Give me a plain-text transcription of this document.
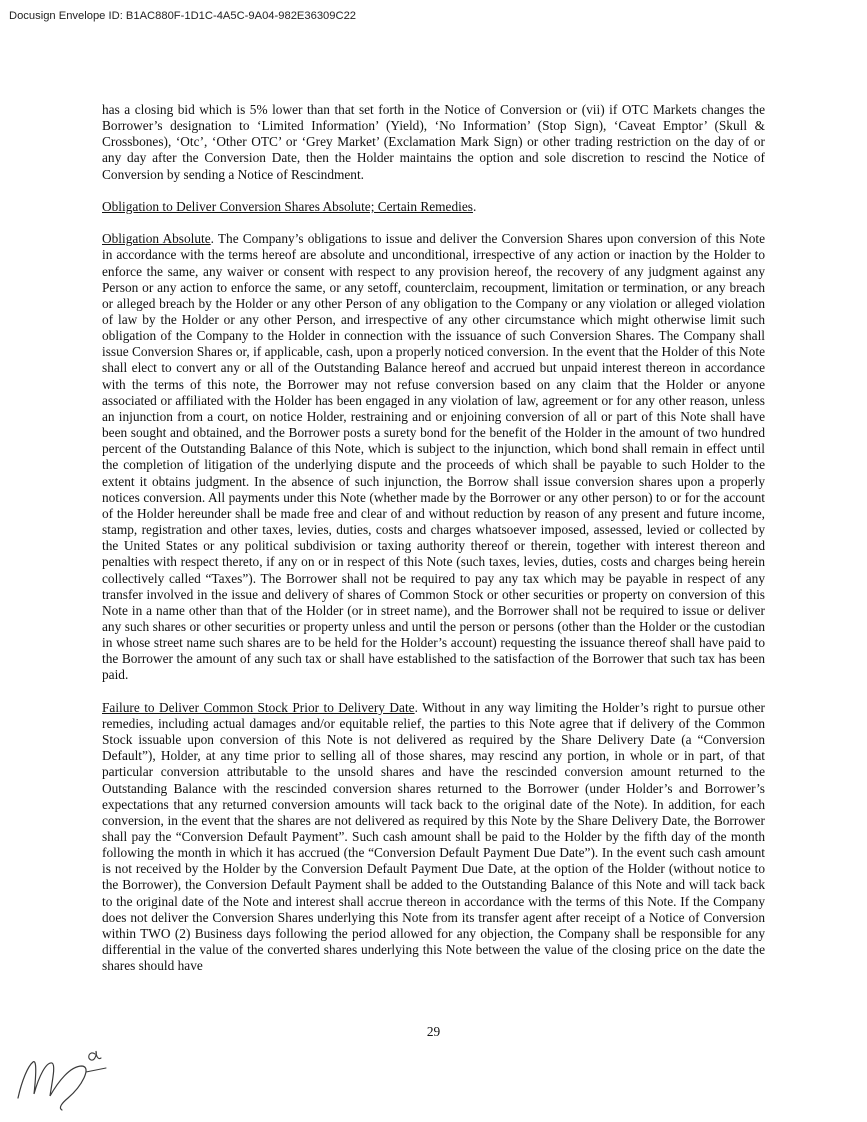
Docusign Envelope ID: B1AC880F-1D1C-4A5C-9A04-982E36309C22

has a closing bid which is 5% lower than that set forth in the Notice of Conversion or (vii) if OTC Markets changes the Borrower’s designation to ‘Limited Information’ (Yield), ‘No Information’ (Stop Sign), ‘Caveat Emptor’ (Skull & Crossbones), ‘Otc’, ‘Other OTC’ or ‘Grey Market’ (Exclamation Mark Sign) or other trading restriction on the day of or any day after the Conversion Date, then the Holder maintains the option and sole discretion to rescind the Notice of Conversion by sending a Notice of Rescindment.

Obligation to Deliver Conversion Shares Absolute; Certain Remedies.

Obligation Absolute. The Company’s obligations to issue and deliver the Conversion Shares upon conversion of this Note in accordance with the terms hereof are absolute and unconditional, irrespective of any action or inaction by the Holder to enforce the same, any waiver or consent with respect to any provision hereof, the recovery of any judgment against any Person or any action to enforce the same, or any setoff, counterclaim, recoupment, limitation or termination, or any breach or alleged breach by the Holder or any other Person of any obligation to the Company or any violation or alleged violation of law by the Holder or any other Person, and irrespective of any other circumstance which might otherwise limit such obligation of the Company to the Holder in connection with the issuance of such Conversion Shares. The Company shall issue Conversion Shares or, if applicable, cash, upon a properly noticed conversion. In the event that the Holder of this Note shall elect to convert any or all of the Outstanding Balance hereof and accrued but unpaid interest thereon in accordance with the terms of this note, the Borrower may not refuse conversion based on any claim that the Holder or anyone associated or affiliated with the Holder has been engaged in any violation of law, agreement or for any other reason, unless an injunction from a court, on notice Holder, restraining and or enjoining conversion of all or part of this Note shall have been sought and obtained, and the Borrower posts a surety bond for the benefit of the Holder in the amount of two hundred percent of the Outstanding Balance of this Note, which is subject to the injunction, which bond shall remain in effect until the completion of litigation of the underlying dispute and the proceeds of which shall be payable to such Holder to the extent it obtains judgment. In the absence of such injunction, the Borrow shall issue conversion shares upon a properly notices conversion. All payments under this Note (whether made by the Borrower or any other person) to or for the account of the Holder hereunder shall be made free and clear of and without reduction by reason of any present and future income, stamp, registration and other taxes, levies, duties, costs and charges whatsoever imposed, assessed, levied or collected by the United States or any political subdivision or taxing authority thereof or therein, together with interest thereon and penalties with respect thereto, if any on or in respect of this Note (such taxes, levies, duties, costs and charges being herein collectively called “Taxes”). The Borrower shall not be required to pay any tax which may be payable in respect of any transfer involved in the issue and delivery of shares of Common Stock or other securities or property on conversion of this Note in a name other than that of the Holder (or in street name), and the Borrower shall not be required to issue or deliver any such shares or other securities or property unless and until the person or persons (other than the Holder or the custodian in whose street name such shares are to be held for the Holder’s account) requesting the issuance thereof shall have paid to the Borrower the amount of any such tax or shall have established to the satisfaction of the Borrower that such tax has been paid.

Failure to Deliver Common Stock Prior to Delivery Date. Without in any way limiting the Holder’s right to pursue other remedies, including actual damages and/or equitable relief, the parties to this Note agree that if delivery of the Common Stock issuable upon conversion of this Note is not delivered as required by the Share Delivery Date (a “Conversion Default”), Holder, at any time prior to selling all of those shares, may rescind any portion, in whole or in part, of that particular conversion attributable to the unsold shares and have the rescinded conversion amount returned to the Outstanding Balance with the rescinded conversion shares returned to the Borrower (under Holder’s and Borrower’s expectations that any returned conversion amounts will tack back to the original date of the Note). In addition, for each conversion, in the event that the shares are not delivered as required by this Note by the Share Delivery Date, the Borrower shall pay the “Conversion Default Payment”. Such cash amount shall be paid to the Holder by the fifth day of the month following the month in which it has accrued (the “Conversion Default Payment Due Date”). In the event such cash amount is not received by the Holder by the Conversion Default Payment Due Date, at the option of the Holder (without notice to the Borrower), the Conversion Default Payment shall be added to the Outstanding Balance of this Note and will tack back to the original date of the Note and interest shall accrue thereon in accordance with the terms of this Note. If the Company does not deliver the Conversion Shares underlying this Note from its transfer agent after receipt of a Notice of Conversion within TWO (2) Business days following the period allowed for any objection, the Company shall be responsible for any differential in the value of the converted shares underlying this Note between the value of the closing price on the date the shares should have

29
